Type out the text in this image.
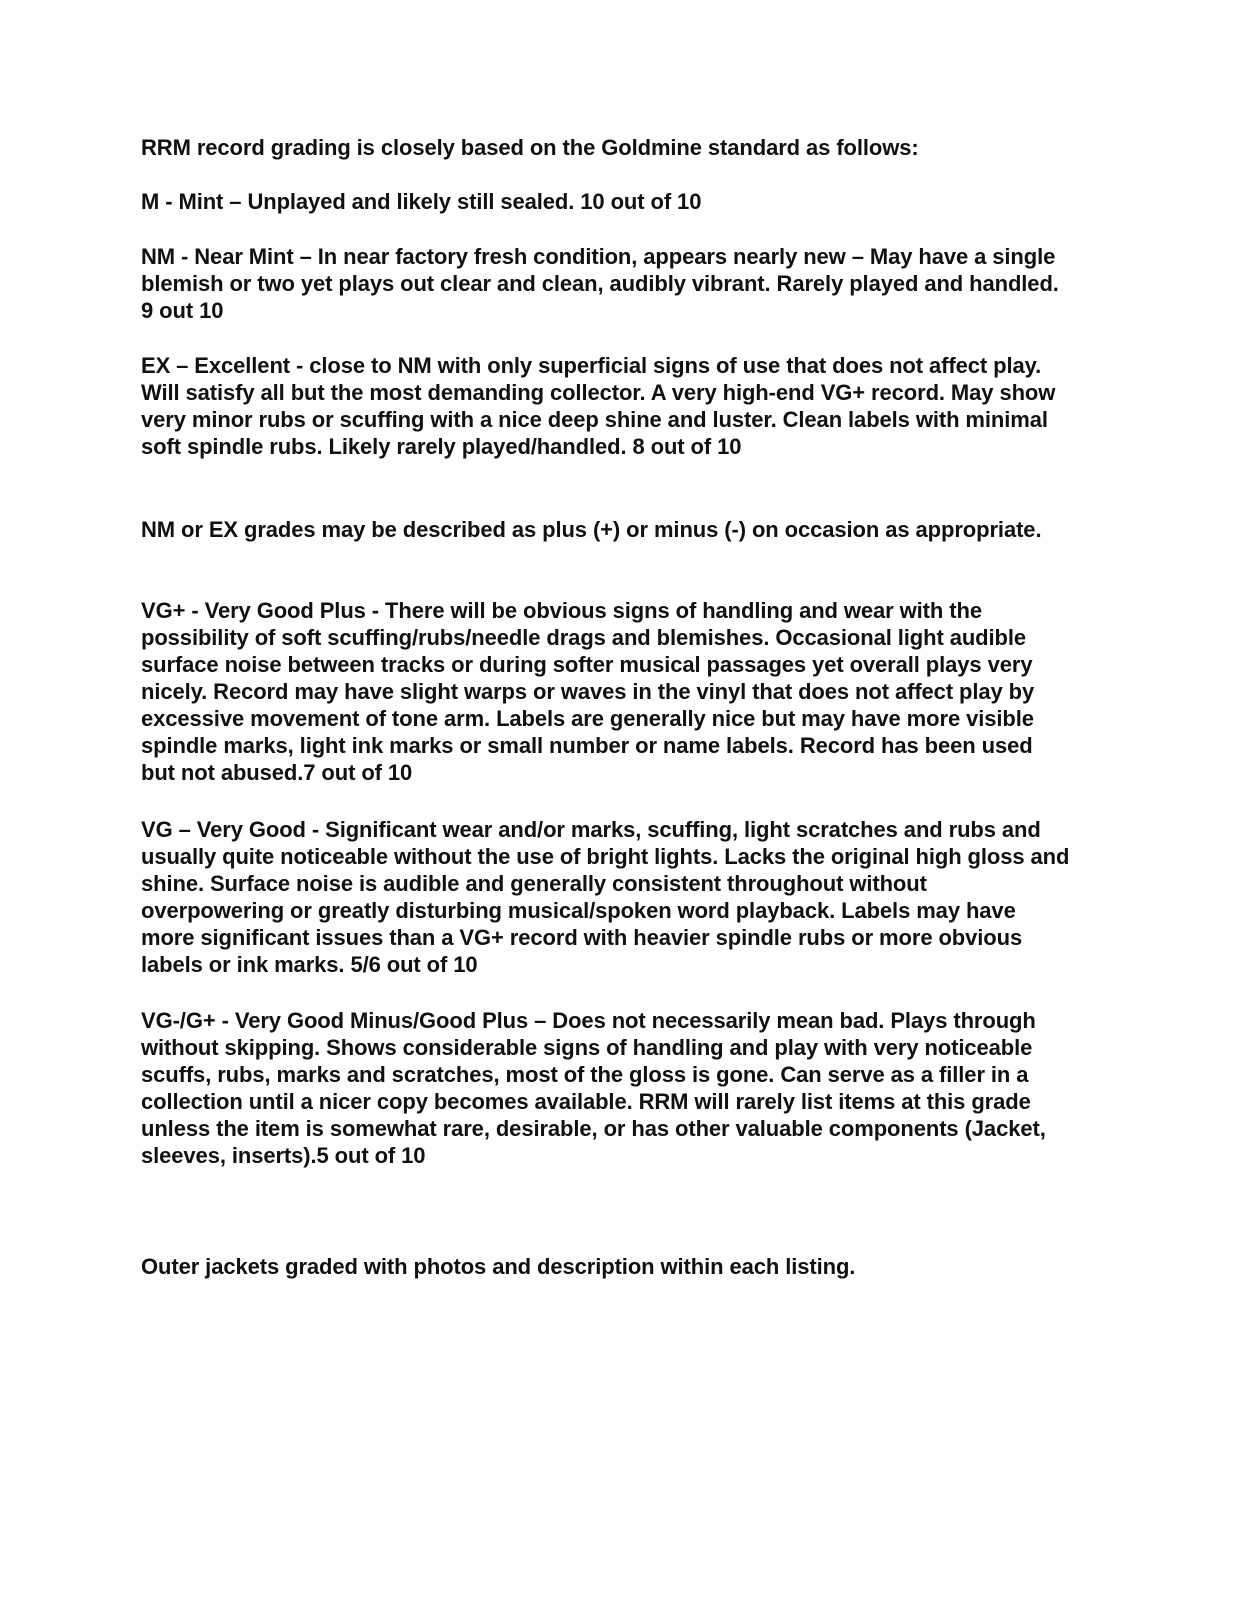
RRM record grading is closely based on the Goldmine standard as follows:

M - Mint – Unplayed and likely still sealed. 10 out of 10

NM - Near Mint – In near factory fresh condition, appears nearly new – May have a single blemish or two yet plays out clear and clean, audibly vibrant. Rarely played and handled. 9 out 10

EX – Excellent - close to NM with only superficial signs of use that does not affect play. Will satisfy all but the most demanding collector. A very high-end VG+ record. May show very minor rubs or scuffing with a nice deep shine and luster. Clean labels with minimal soft spindle rubs. Likely rarely played/handled. 8 out of 10

NM or EX grades may be described as plus (+) or minus (-) on occasion as appropriate.

VG+ - Very Good Plus - There will be obvious signs of handling and wear with the possibility of soft scuffing/rubs/needle drags and blemishes. Occasional light audible surface noise between tracks or during softer musical passages yet overall plays very nicely. Record may have slight warps or waves in the vinyl that does not affect play by excessive movement of tone arm. Labels are generally nice but may have more visible spindle marks, light ink marks or small number or name labels. Record has been used but not abused.7 out of 10

VG – Very Good - Significant wear and/or marks, scuffing, light scratches and rubs and usually quite noticeable without the use of bright lights. Lacks the original high gloss and shine. Surface noise is audible and generally consistent throughout without overpowering or greatly disturbing musical/spoken word playback. Labels may have more significant issues than a VG+ record with heavier spindle rubs or more obvious labels or ink marks. 5/6 out of 10

VG-/G+ - Very Good Minus/Good Plus – Does not necessarily mean bad. Plays through without skipping. Shows considerable signs of handling and play with very noticeable scuffs, rubs, marks and scratches, most of the gloss is gone. Can serve as a filler in a collection until a nicer copy becomes available. RRM will rarely list items at this grade unless the item is somewhat rare, desirable, or has other valuable components (Jacket, sleeves, inserts).5 out of 10

Outer jackets graded with photos and description within each listing.
